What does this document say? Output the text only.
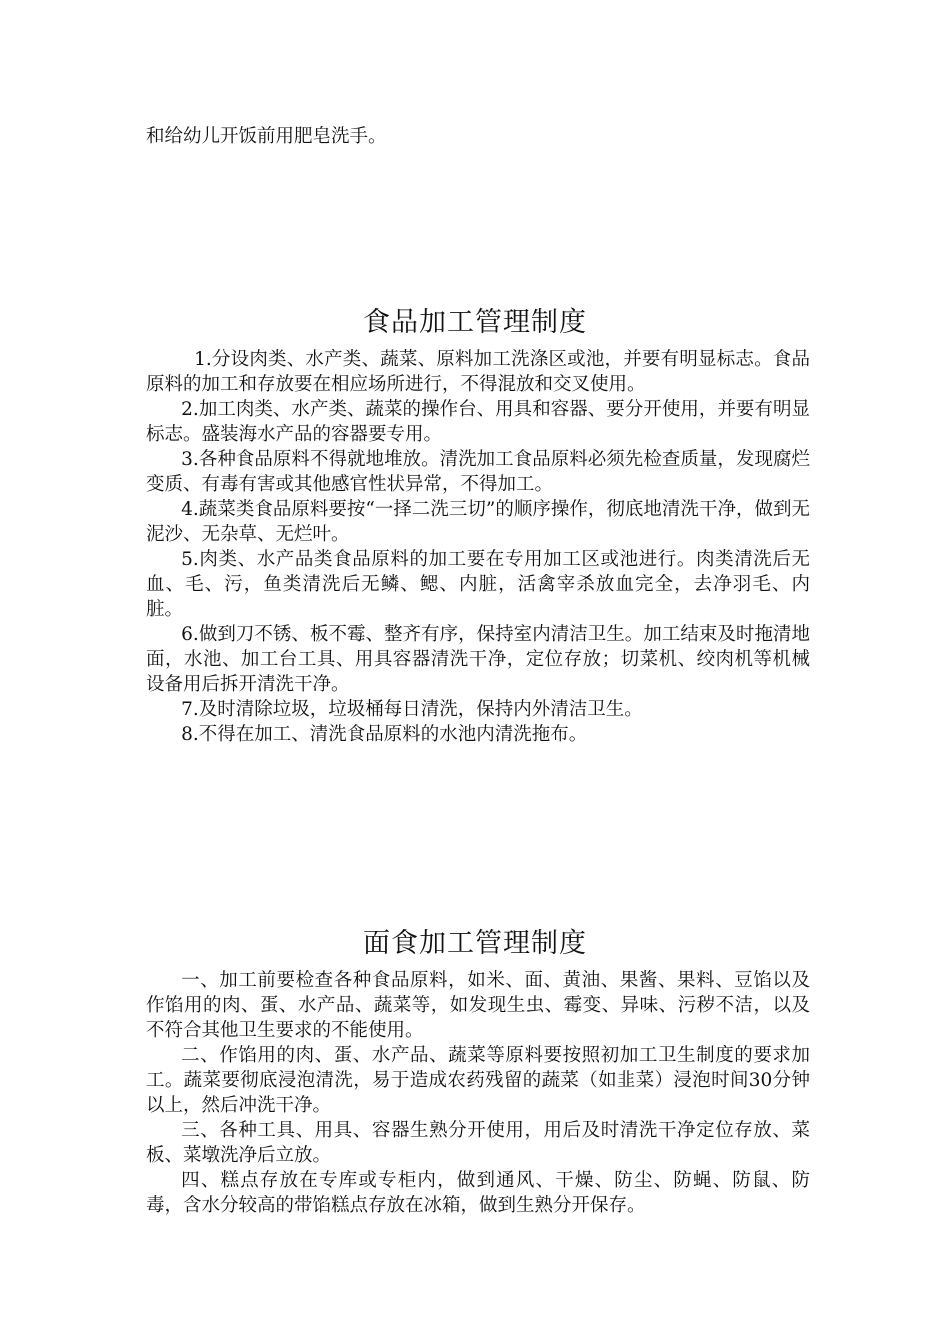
和给幼儿开饭前用肥皂洗手。

食品加工管理制度

1.分设肉类、水产类、蔬菜、原料加工洗涤区或池，并要有明显标志。食品原料的加工和存放要在相应场所进行，不得混放和交叉使用。

2.加工肉类、水产类、蔬菜的操作台、用具和容器、要分开使用，并要有明显标志。盛装海水产品的容器要专用。

3.各种食品原料不得就地堆放。清洗加工食品原料必须先检查质量，发现腐烂变质、有毒有害或其他感官性状异常，不得加工。

4.蔬菜类食品原料要按“一择二洗三切”的顺序操作，彻底地清洗干净，做到无泥沙、无杂草、无烂叶。

5.肉类、水产品类食品原料的加工要在专用加工区或池进行。肉类清洗后无血、毛、污，鱼类清洗后无鳞、鳃、内脏，活禽宰杀放血完全，去净羽毛、内脏。

6.做到刀不锈、板不霉、整齐有序，保持室内清洁卫生。加工结束及时拖清地面，水池、加工台工具、用具容器清洗干净，定位存放；切菜机、绞肉机等机械设备用后拆开清洗干净。

7.及时清除垃圾，垃圾桶每日清洗，保持内外清洁卫生。

8.不得在加工、清洗食品原料的水池内清洗拖布。

面食加工管理制度

一、加工前要检查各种食品原料，如米、面、黄油、果酱、果料、豆馅以及作馅用的肉、蛋、水产品、蔬菜等，如发现生虫、霉变、异味、污秽不洁，以及不符合其他卫生要求的不能使用。

二、作馅用的肉、蛋、水产品、蔬菜等原料要按照初加工卫生制度的要求加工。蔬菜要彻底浸泡清洗，易于造成农药残留的蔬菜（如韭菜）浸泡时间30分钟以上，然后冲洗干净。

三、各种工具、用具、容器生熟分开使用，用后及时清洗干净定位存放、菜板、菜墩洗净后立放。

四、糕点存放在专库或专柜内，做到通风、干燥、防尘、防蝇、防鼠、防毒，含水分较高的带馅糕点存放在冰箱，做到生熟分开保存。
